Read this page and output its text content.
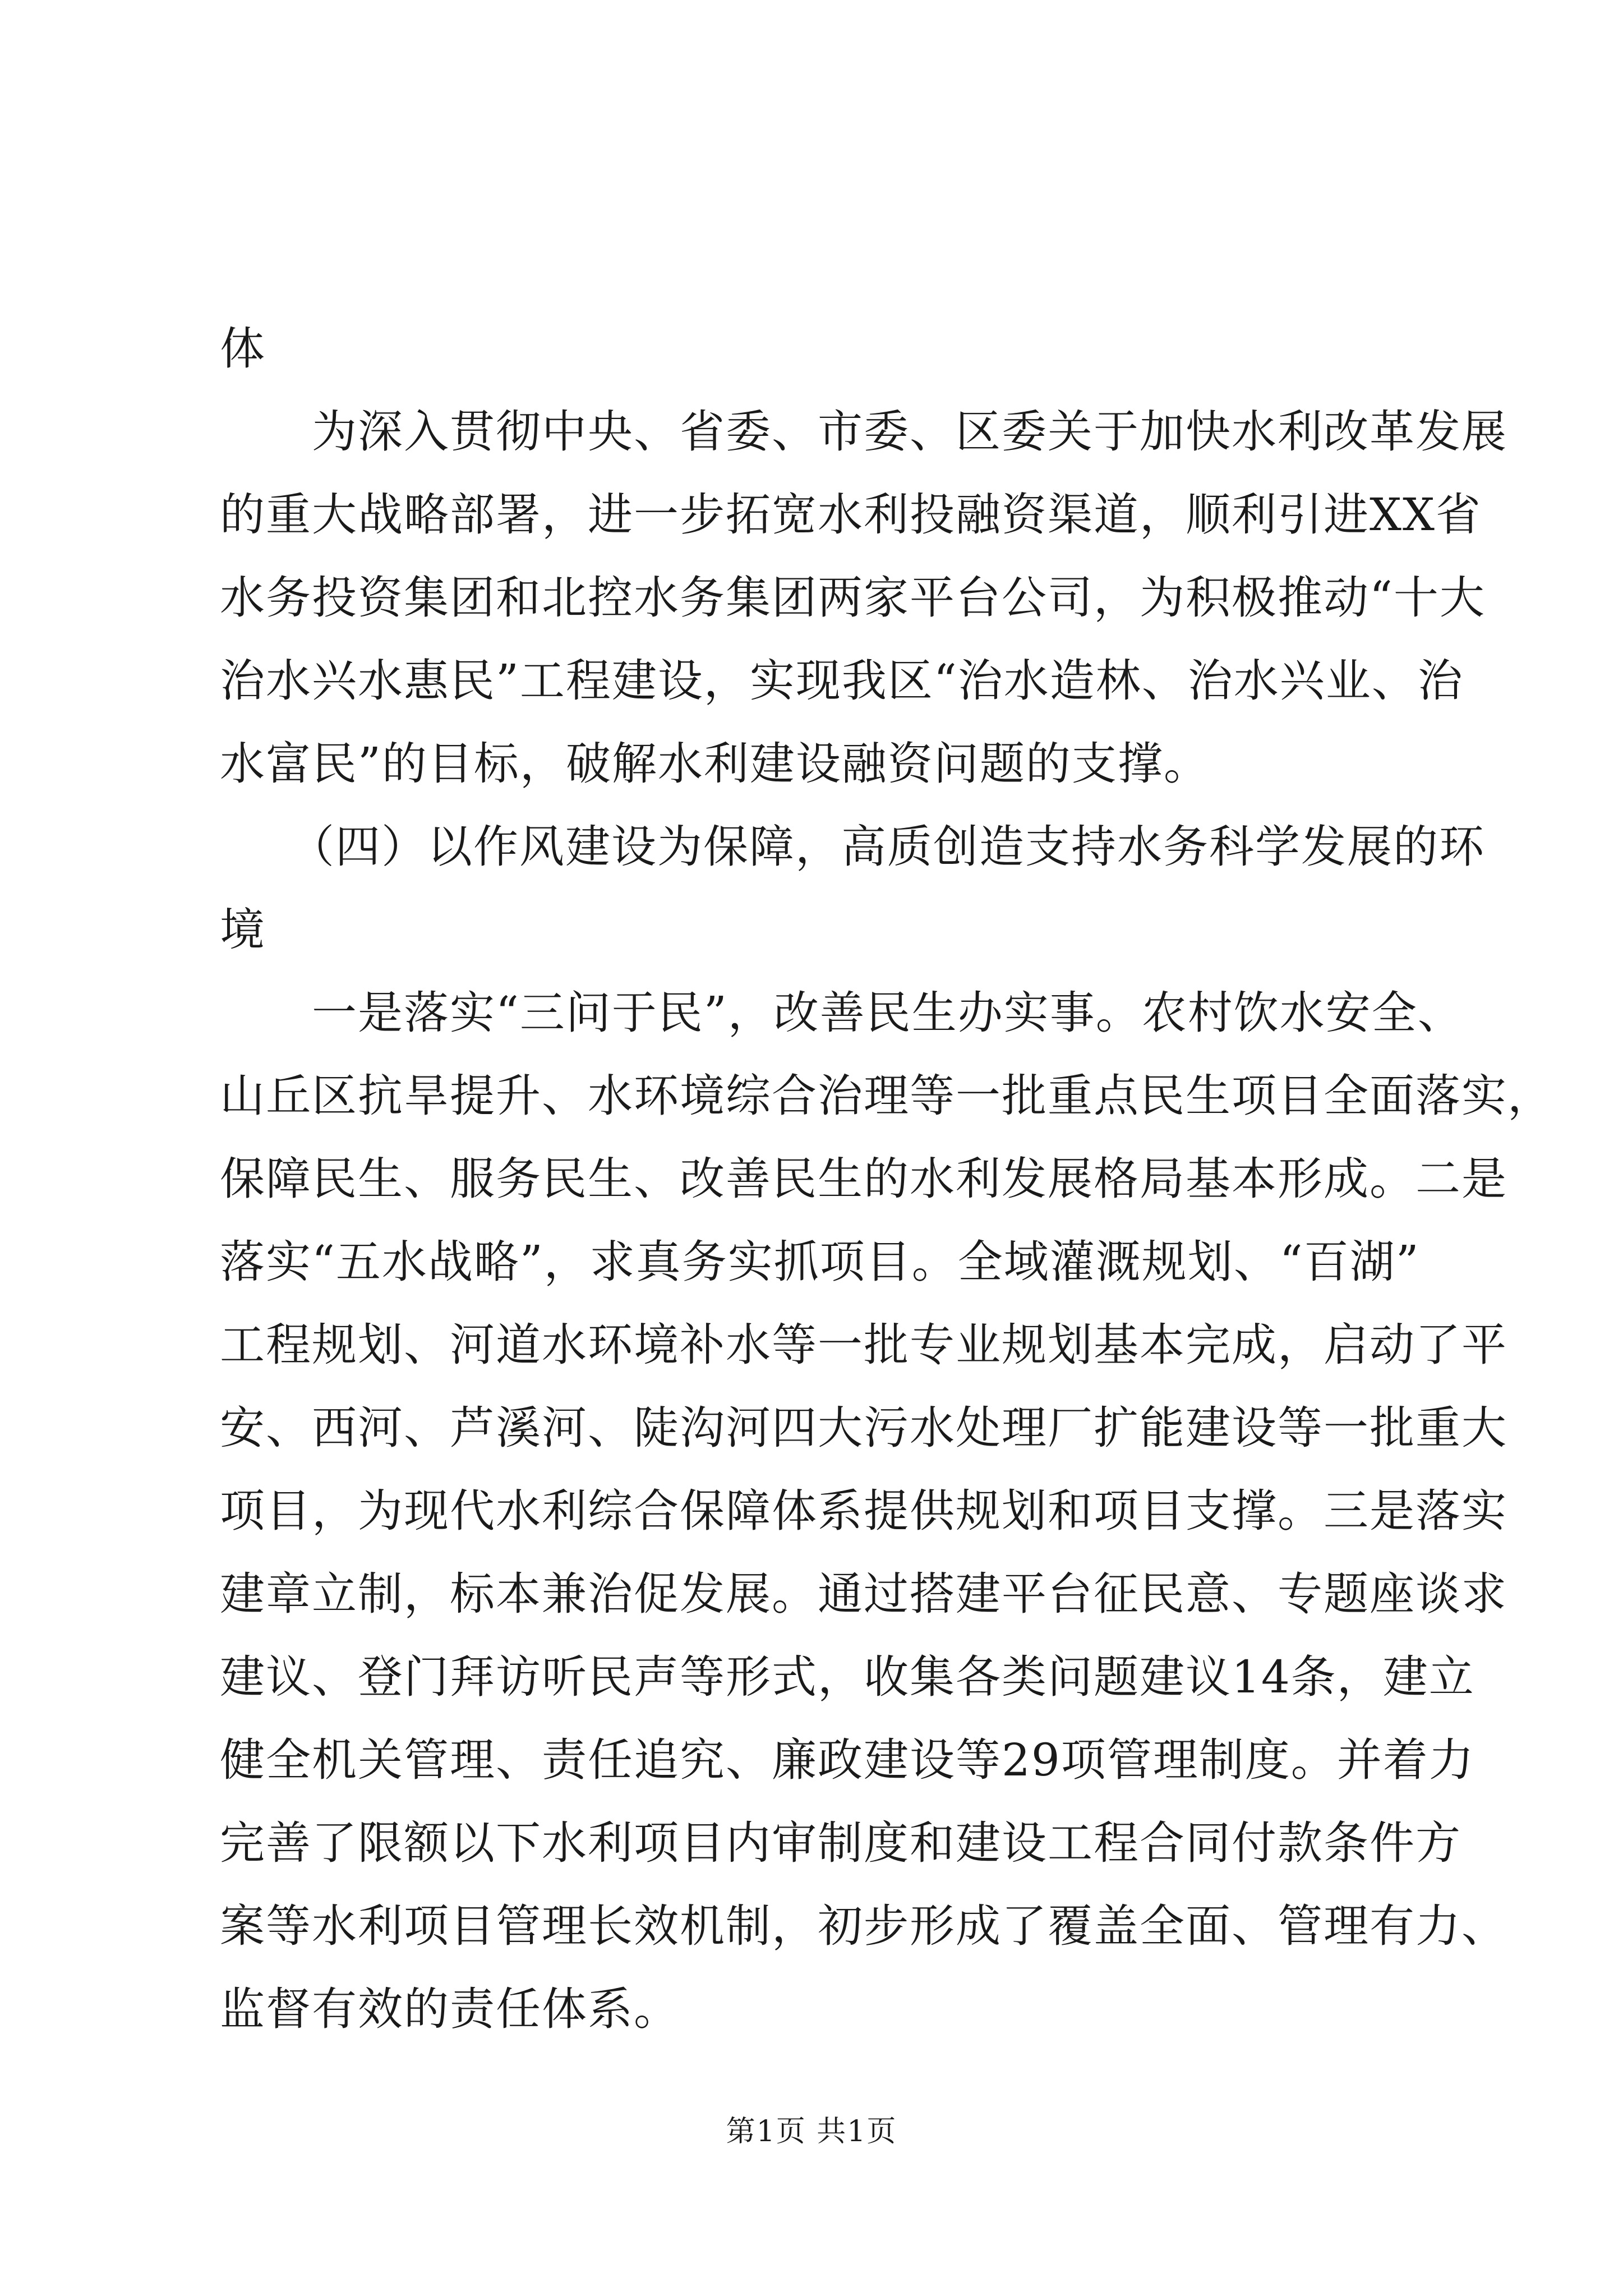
体
　　为深入贯彻中央、省委、市委、区委关于加快水利改革发展
的重大战略部署，进一步拓宽水利投融资渠道，顺利引进XX省
水务投资集团和北控水务集团两家平台公司，为积极推动“十大
治水兴水惠民”工程建设，实现我区“治水造林、治水兴业、治
水富民”的目标，破解水利建设融资问题的支撑。
　　（四）以作风建设为保障，高质创造支持水务科学发展的环
境
　　一是落实“三问于民”，改善民生办实事。农村饮水安全、
山丘区抗旱提升、水环境综合治理等一批重点民生项目全面落实，
保障民生、服务民生、改善民生的水利发展格局基本形成。二是
落实“五水战略”，求真务实抓项目。全域灌溉规划、“百湖”
工程规划、河道水环境补水等一批专业规划基本完成，启动了平
安、西河、芦溪河、陡沟河四大污水处理厂扩能建设等一批重大
项目，为现代水利综合保障体系提供规划和项目支撑。三是落实
建章立制，标本兼治促发展。通过搭建平台征民意、专题座谈求
建议、登门拜访听民声等形式，收集各类问题建议14条，建立
健全机关管理、责任追究、廉政建设等29项管理制度。并着力
完善了限额以下水利项目内审制度和建设工程合同付款条件方
案等水利项目管理长效机制，初步形成了覆盖全面、管理有力、
监督有效的责任体系。
第1页 共1页
